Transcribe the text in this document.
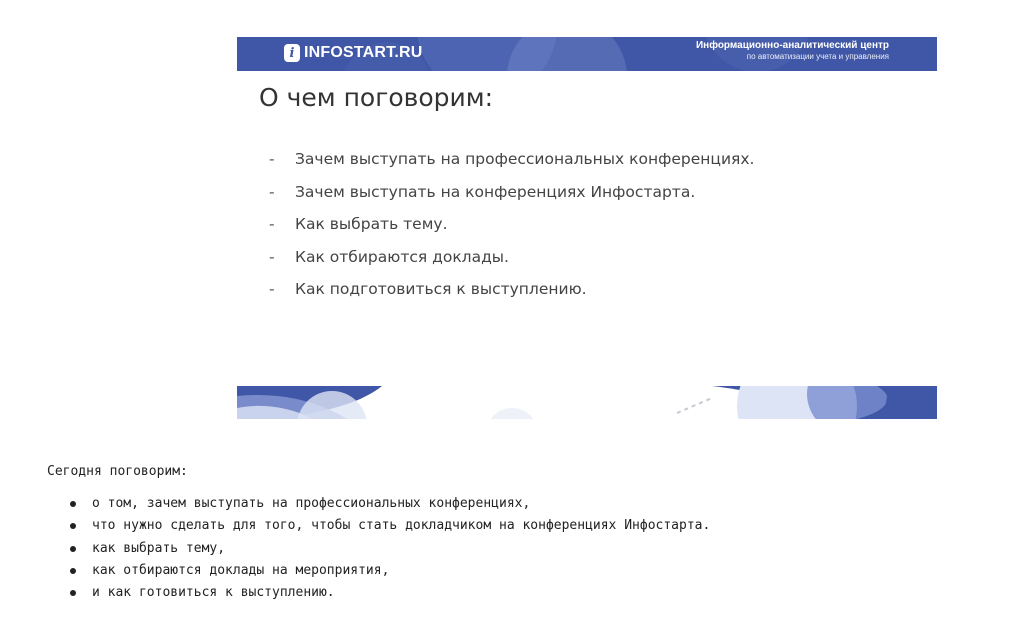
i INFOSTART.RU	Информационно-аналитический центр
по автоматизации учета и управления
О чем поговорим:
- Зачем выступать на профессиональных конференциях.
- Зачем выступать на конференциях Инфостарта.
- Как выбрать тему.
- Как отбираются доклады.
- Как подготовиться к выступлению.
Сегодня поговорим:
о том, зачем выступать на профессиональных конференциях,
что нужно сделать для того, чтобы стать докладчиком на конференциях Инфостарта.
как выбрать тему,
как отбираются доклады на мероприятия,
и как готовиться к выступлению.
